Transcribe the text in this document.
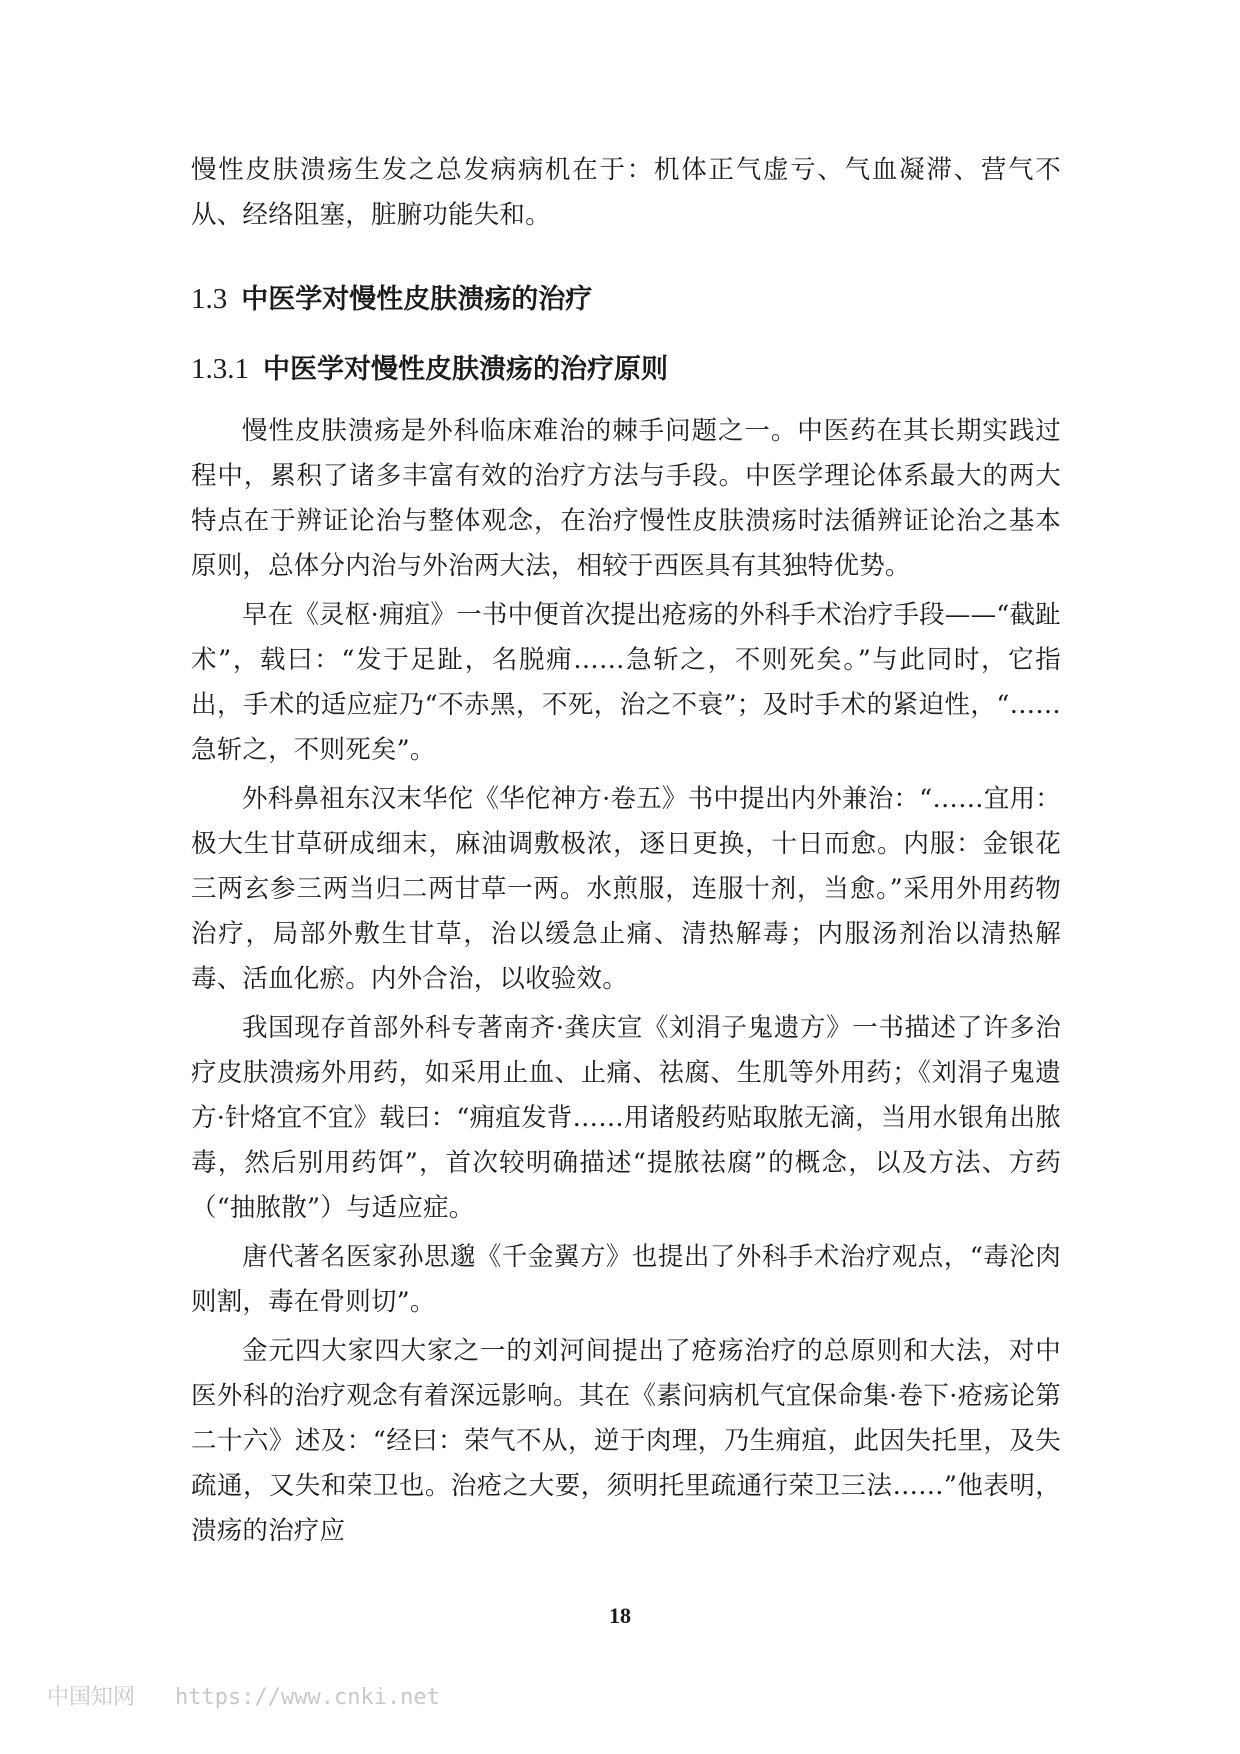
慢性皮肤溃疡生发之总发病病机在于：机体正气虚亏、气血凝滞、营气不从、经络阻塞，脏腑功能失和。

1.3 中医学对慢性皮肤溃疡的治疗
1.3.1 中医学对慢性皮肤溃疡的治疗原则

慢性皮肤溃疡是外科临床难治的棘手问题之一。中医药在其长期实践过程中，累积了诸多丰富有效的治疗方法与手段。中医学理论体系最大的两大特点在于辨证论治与整体观念，在治疗慢性皮肤溃疡时法循辨证论治之基本原则，总体分内治与外治两大法，相较于西医具有其独特优势。

早在《灵枢·痈疽》一书中便首次提出疮疡的外科手术治疗手段——“截趾术”，载曰：“发于足趾，名脱痈……急斩之，不则死矣。”与此同时，它指出，手术的适应症乃“不赤黑，不死，治之不衰”；及时手术的紧迫性，“……急斩之，不则死矣”。

外科鼻祖东汉末华佗《华佗神方·卷五》书中提出内外兼治：“……宜用：极大生甘草研成细末，麻油调敷极浓，逐日更换，十日而愈。内服：金银花三两玄参三两当归二两甘草一两。水煎服，连服十剂，当愈。”采用外用药物治疗，局部外敷生甘草，治以缓急止痛、清热解毒；内服汤剂治以清热解毒、活血化瘀。内外合治，以收验效。

我国现存首部外科专著南齐·龚庆宣《刘涓子鬼遗方》一书描述了许多治疗皮肤溃疡外用药，如采用止血、止痛、祛腐、生肌等外用药；《刘涓子鬼遗方·针烙宜不宜》载曰：“痈疽发背……用诸般药贴取脓无滴，当用水银角出脓毒，然后别用药饵”，首次较明确描述“提脓祛腐”的概念，以及方法、方药（“抽脓散”）与适应症。

唐代著名医家孙思邈《千金翼方》也提出了外科手术治疗观点，“毒沦肉则割，毒在骨则切”。

金元四大家四大家之一的刘河间提出了疮疡治疗的总原则和大法，对中医外科的治疗观念有着深远影响。其在《素问病机气宜保命集·卷下·疮疡论第二十六》述及：“经曰：荣气不从，逆于肉理，乃生痈疽，此因失托里，及失疏通，又失和荣卫也。治疮之大要，须明托里疏通行荣卫三法……”他表明，溃疡的治疗应

18
中国知网 https://www.cnki.net
